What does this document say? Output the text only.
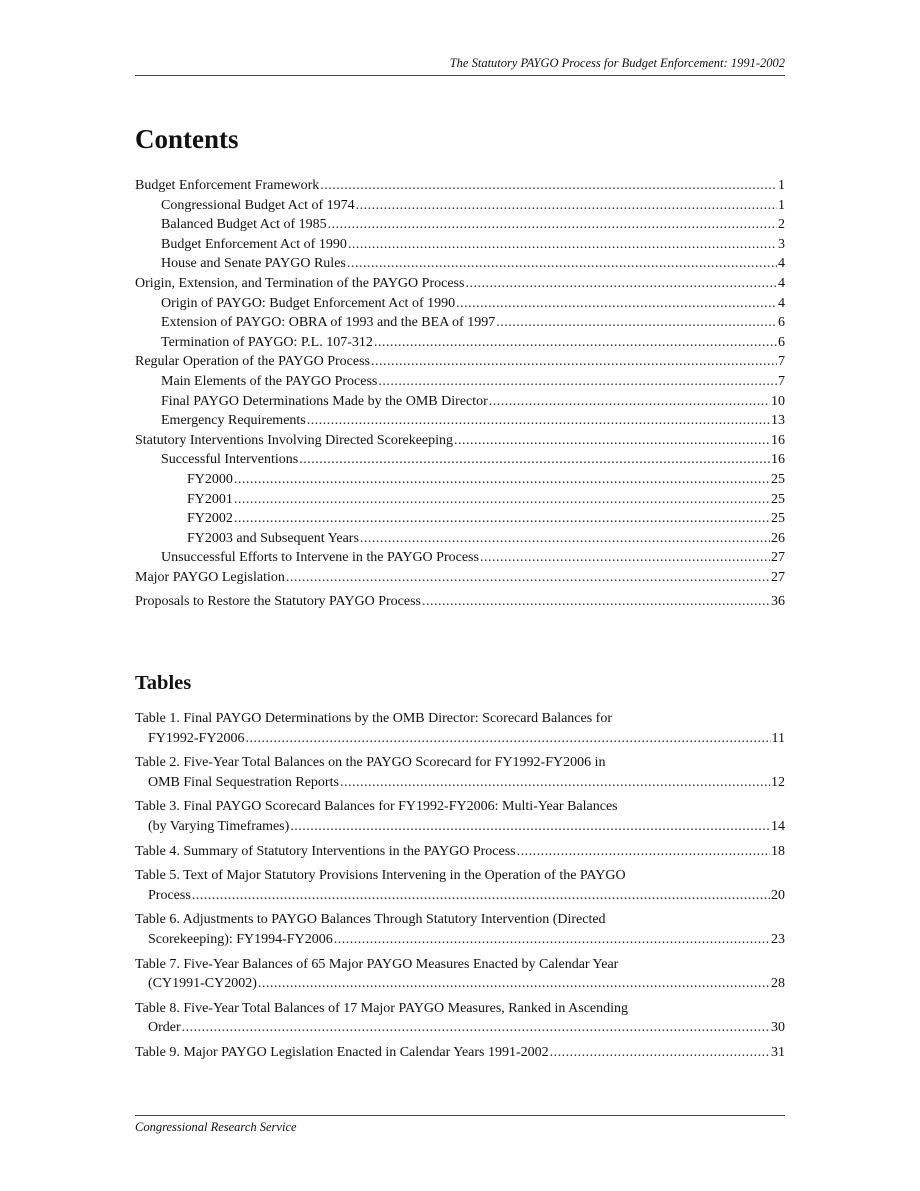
The Statutory PAYGO Process for Budget Enforcement: 1991-2002
Contents
Budget Enforcement Framework .....	1
Congressional Budget Act of 1974 .....	1
Balanced Budget Act of 1985 .....	2
Budget Enforcement Act of 1990 .....	3
House and Senate PAYGO Rules .....	4
Origin, Extension, and Termination of the PAYGO Process .....	4
Origin of PAYGO: Budget Enforcement Act of 1990 .....	4
Extension of PAYGO: OBRA of 1993 and the BEA of 1997 .....	6
Termination of PAYGO: P.L. 107-312 .....	6
Regular Operation of the PAYGO Process .....	7
Main Elements of the PAYGO Process .....	7
Final PAYGO Determinations Made by the OMB Director .....	10
Emergency Requirements .....	13
Statutory Interventions Involving Directed Scorekeeping .....	16
Successful Interventions .....	16
FY2000 .....	25
FY2001 .....	25
FY2002 .....	25
FY2003 and Subsequent Years .....	26
Unsuccessful Efforts to Intervene in the PAYGO Process .....	27
Major PAYGO Legislation .....	27
Proposals to Restore the Statutory PAYGO Process .....	36
Tables
Table 1. Final PAYGO Determinations by the OMB Director: Scorecard Balances for
FY1992-FY2006 .....	11
Table 2. Five-Year Total Balances on the PAYGO Scorecard for FY1992-FY2006 in
OMB Final Sequestration Reports .....	12
Table 3. Final PAYGO Scorecard Balances for FY1992-FY2006: Multi-Year Balances
(by Varying Timeframes) .....	14
Table 4. Summary of Statutory Interventions in the PAYGO Process .....	18
Table 5. Text of Major Statutory Provisions Intervening in the Operation of the PAYGO
Process .....	20
Table 6. Adjustments to PAYGO Balances Through Statutory Intervention (Directed
Scorekeeping): FY1994-FY2006 .....	23
Table 7. Five-Year Balances of 65 Major PAYGO Measures Enacted by Calendar Year
(CY1991-CY2002) .....	28
Table 8. Five-Year Total Balances of 17 Major PAYGO Measures, Ranked in Ascending
Order .....	30
Table 9. Major PAYGO Legislation Enacted in Calendar Years 1991-2002 .....	31
Congressional Research Service
